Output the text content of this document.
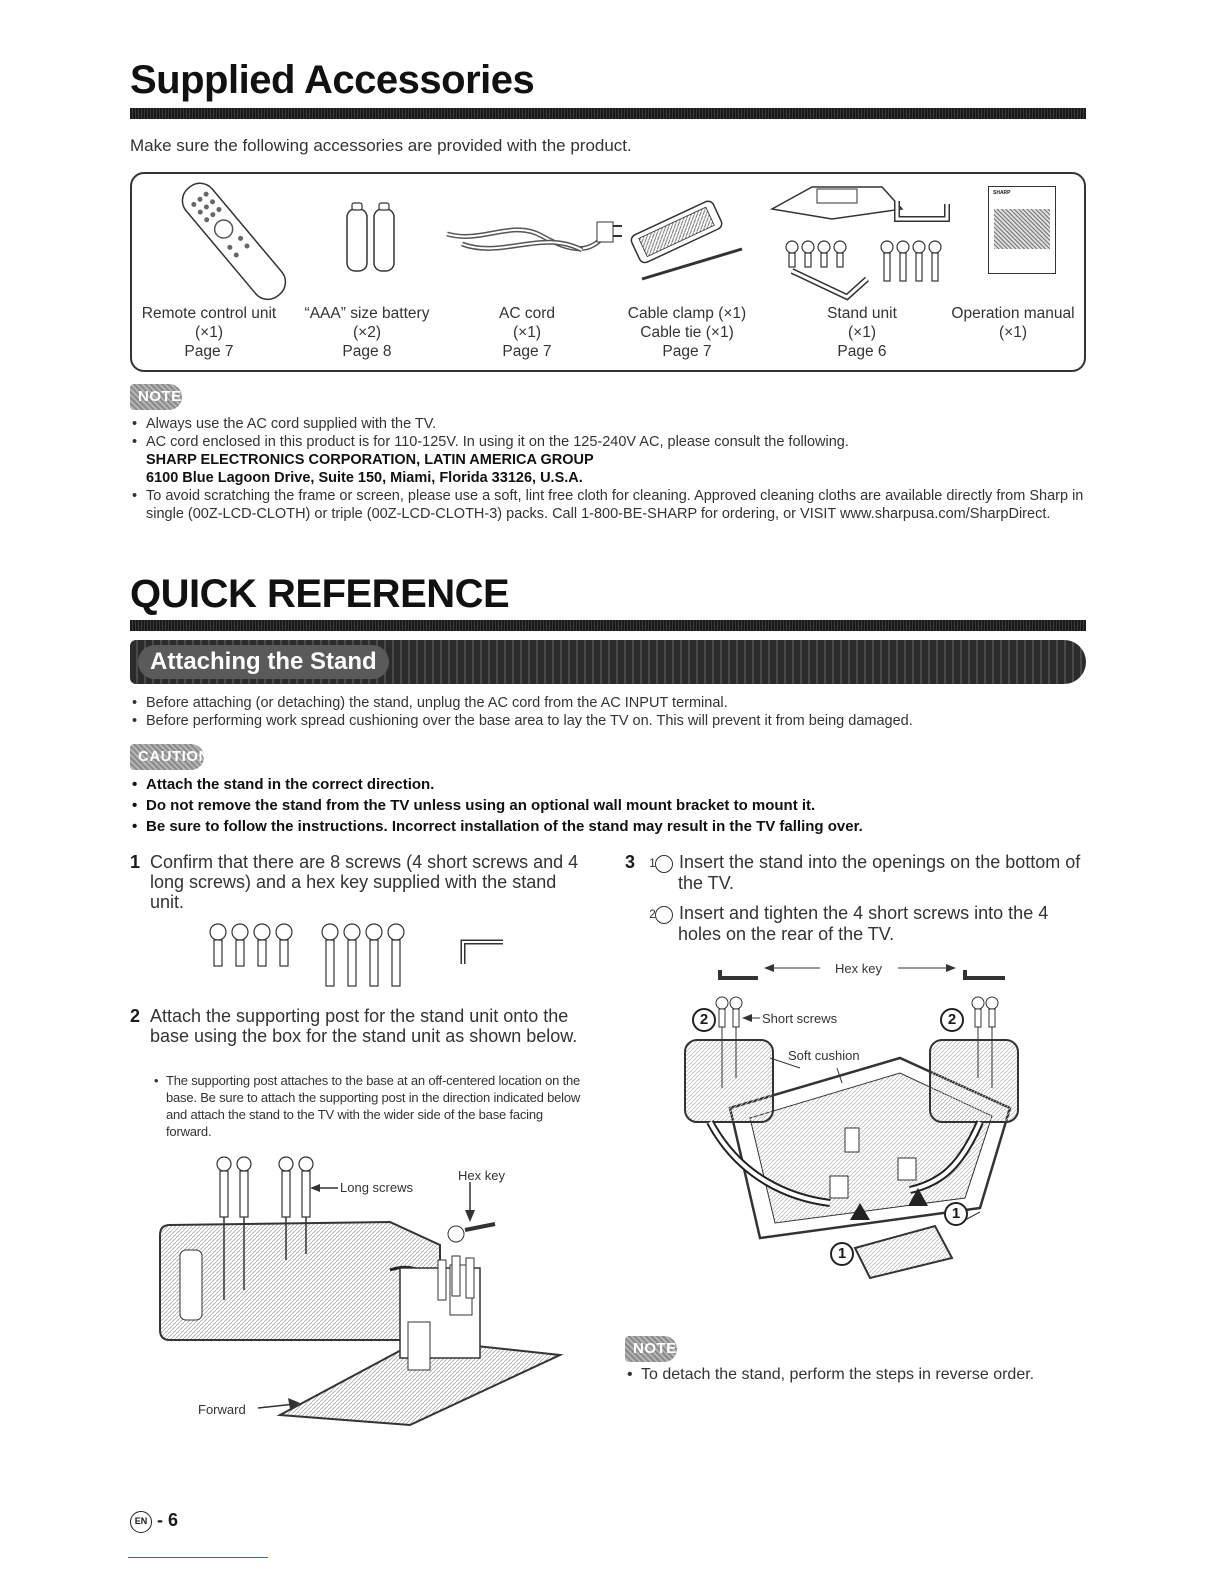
Supplied Accessories
Make sure the following accessories are provided with the product.
SHARP
Remote control unit
(×1)
Page 7
“AAA” size battery
(×2)
Page 8
AC cord
(×1)
Page 7
Cable clamp (×1)
Cable tie (×1)
Page 7
Stand unit
(×1)
Page 6
Operation manual
(×1)
NOTE
• Always use the AC cord supplied with the TV.
• AC cord enclosed in this product is for 110-125V. In using it on the 125-240V AC, please consult the following.
SHARP ELECTRONICS CORPORATION, LATIN AMERICA GROUP
6100 Blue Lagoon Drive, Suite 150, Miami, Florida 33126, U.S.A.
• To avoid scratching the frame or screen, please use a soft, lint free cloth for cleaning. Approved cleaning cloths are available directly from Sharp in single (00Z-LCD-CLOTH) or triple (00Z-LCD-CLOTH-3) packs. Call 1-800-BE-SHARP for ordering, or VISIT www.sharpusa.com/SharpDirect.
QUICK REFERENCE
Attaching the Stand
• Before attaching (or detaching) the stand, unplug the AC cord from the AC INPUT terminal.
• Before performing work spread cushioning over the base area to lay the TV on. This will prevent it from being damaged.
CAUTION
• Attach the stand in the correct direction.
• Do not remove the stand from the TV unless using an optional wall mount bracket to mount it.
• Be sure to follow the instructions. Incorrect installation of the stand may result in the TV falling over.
1 Confirm that there are 8 screws (4 short screws and 4 long screws) and a hex key supplied with the stand unit.
2 Attach the supporting post for the stand unit onto the base using the box for the stand unit as shown below.
• The supporting post attaches to the base at an off-centered location on the base. Be sure to attach the supporting post in the direction indicated below and attach the stand to the TV with the wider side of the base facing forward.
Long screws
Hex key
Forward
3 1 Insert the stand into the openings on the bottom of the TV.
2 Insert and tighten the 4 short screws into the 4 holes on the rear of the TV.
Hex key
Short screws
Soft cushion
2	2
1
1
NOTE
• To detach the stand, perform the steps in reverse order.
EN - 6
